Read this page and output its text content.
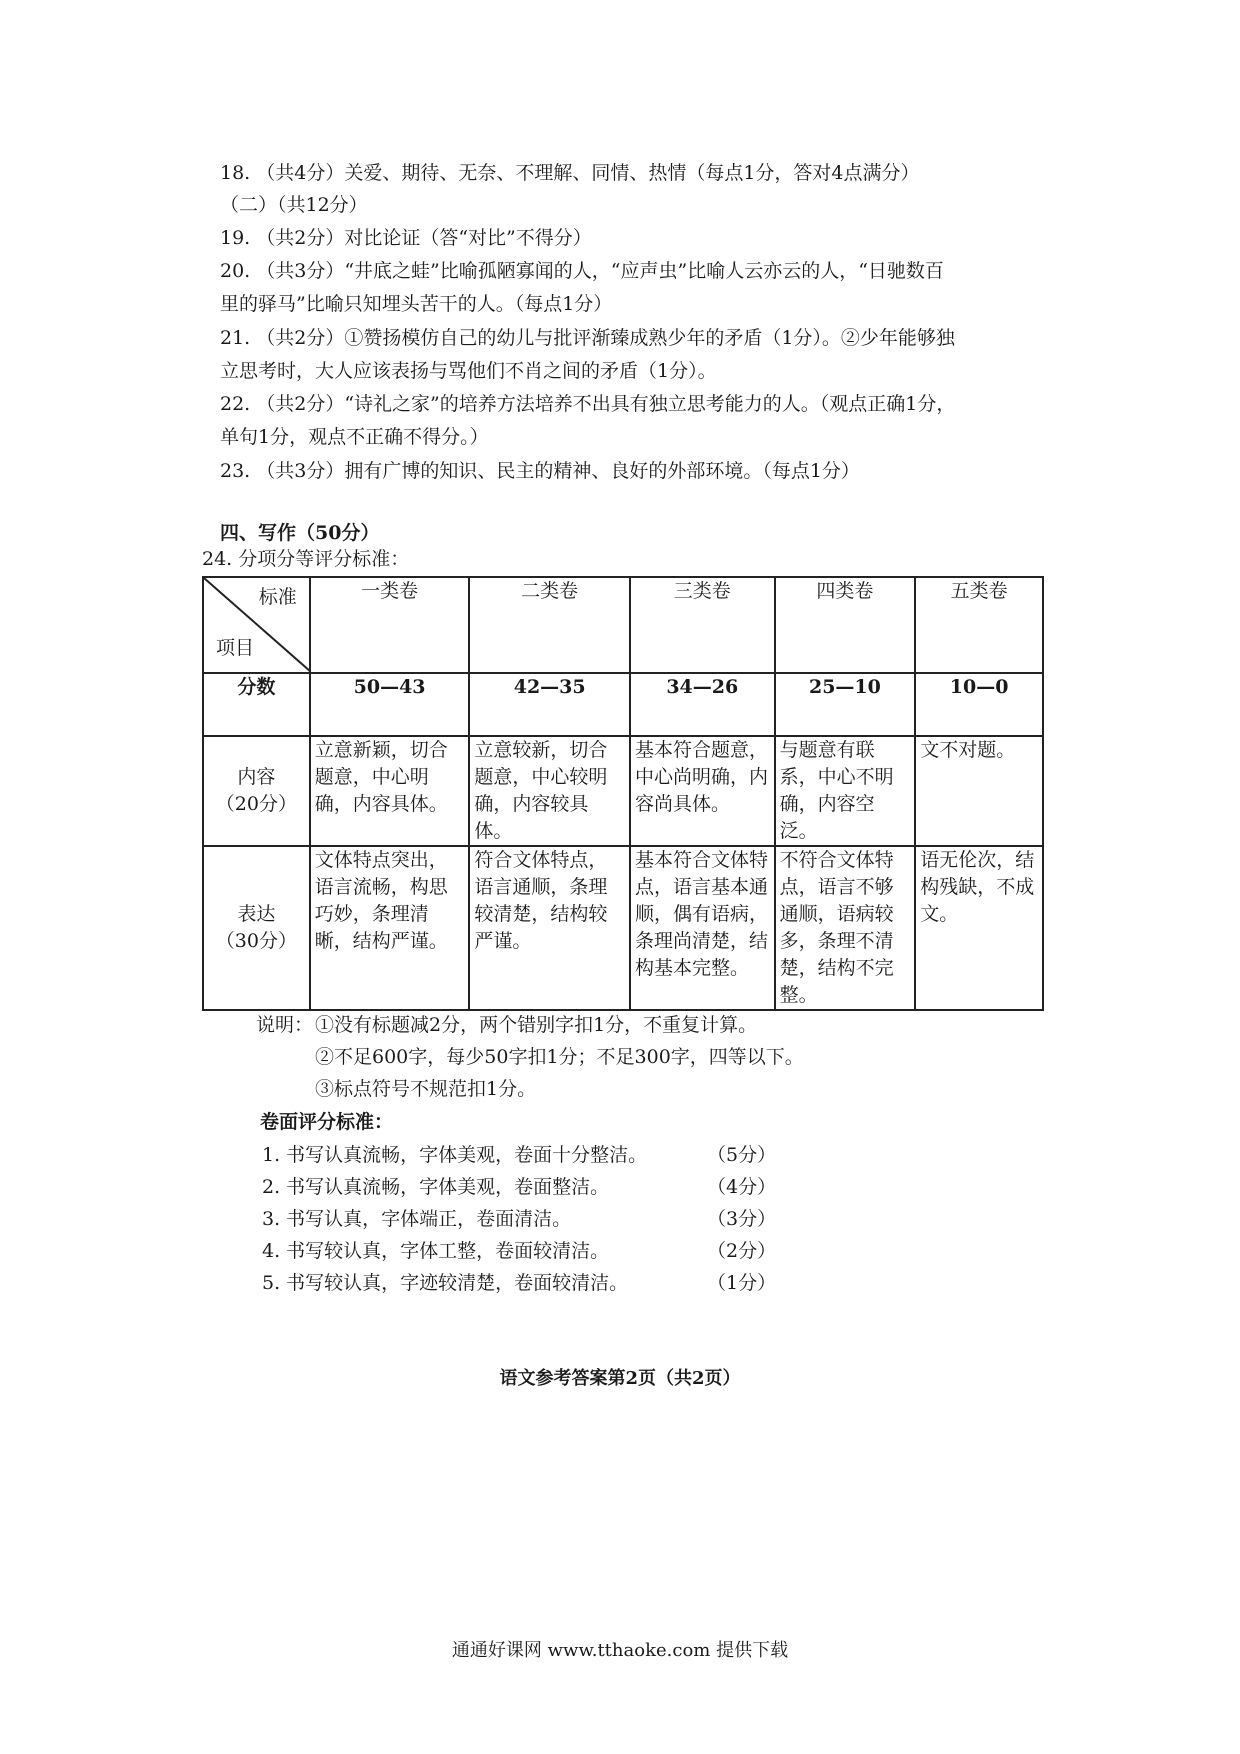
18. （共4分）关爱、期待、无奈、不理解、同情、热情（每点1分，答对4点满分）
（二）（共12分）
19. （共2分）对比论证（答“对比”不得分）
20. （共3分）“井底之蛙”比喻孤陋寡闻的人，“应声虫”比喻人云亦云的人，“日驰数百
里的驿马”比喻只知埋头苦干的人。（每点1分）
21. （共2分）①赞扬模仿自己的幼儿与批评渐臻成熟少年的矛盾（1分）。②少年能够独
立思考时，大人应该表扬与骂他们不肖之间的矛盾（1分）。
22. （共2分）“诗礼之家”的培养方法培养不出具有独立思考能力的人。（观点正确1分，
单句1分，观点不正确不得分。）
23. （共3分）拥有广博的知识、民主的精神、良好的外部环境。（每点1分）
四、写作（50分）
24. 分项分等评分标准：
标准
项目	一类卷	二类卷	三类卷	四类卷	五类卷
分数	50—43	42—35	34—26	25—10	10—0

内容
（20分）	立意新颖，切合题意，中心明确，内容具体。	立意较新，切合题意，中心较明确，内容较具体。	基本符合题意，中心尚明确，内容尚具体。	与题意有联系，中心不明确，内容空泛。	文不对题。

表达
（30分）	文体特点突出，语言流畅，构思巧妙，条理清晰，结构严谨。	符合文体特点，语言通顺，条理较清楚，结构较严谨。	基本符合文体特点，语言基本通顺，偶有语病，条理尚清楚，结构基本完整。	不符合文体特点，语言不够通顺，语病较多，条理不清楚，结构不完整。	语无伦次，结构残缺，不成文。
说明： ①没有标题减2分，两个错别字扣1分，不重复计算。
②不足600字，每少50字扣1分；不足300字，四等以下。
③标点符号不规范扣1分。
卷面评分标准：
1. 书写认真流畅，字体美观，卷面十分整洁。	（5分）
2. 书写认真流畅，字体美观，卷面整洁。	（4分）
3. 书写认真，字体端正，卷面清洁。	（3分）
4. 书写较认真，字体工整，卷面较清洁。	（2分）
5. 书写较认真，字迹较清楚，卷面较清洁。	（1分）
语文参考答案第2页（共2页）
通通好课网 www.tthaoke.com 提供下载
